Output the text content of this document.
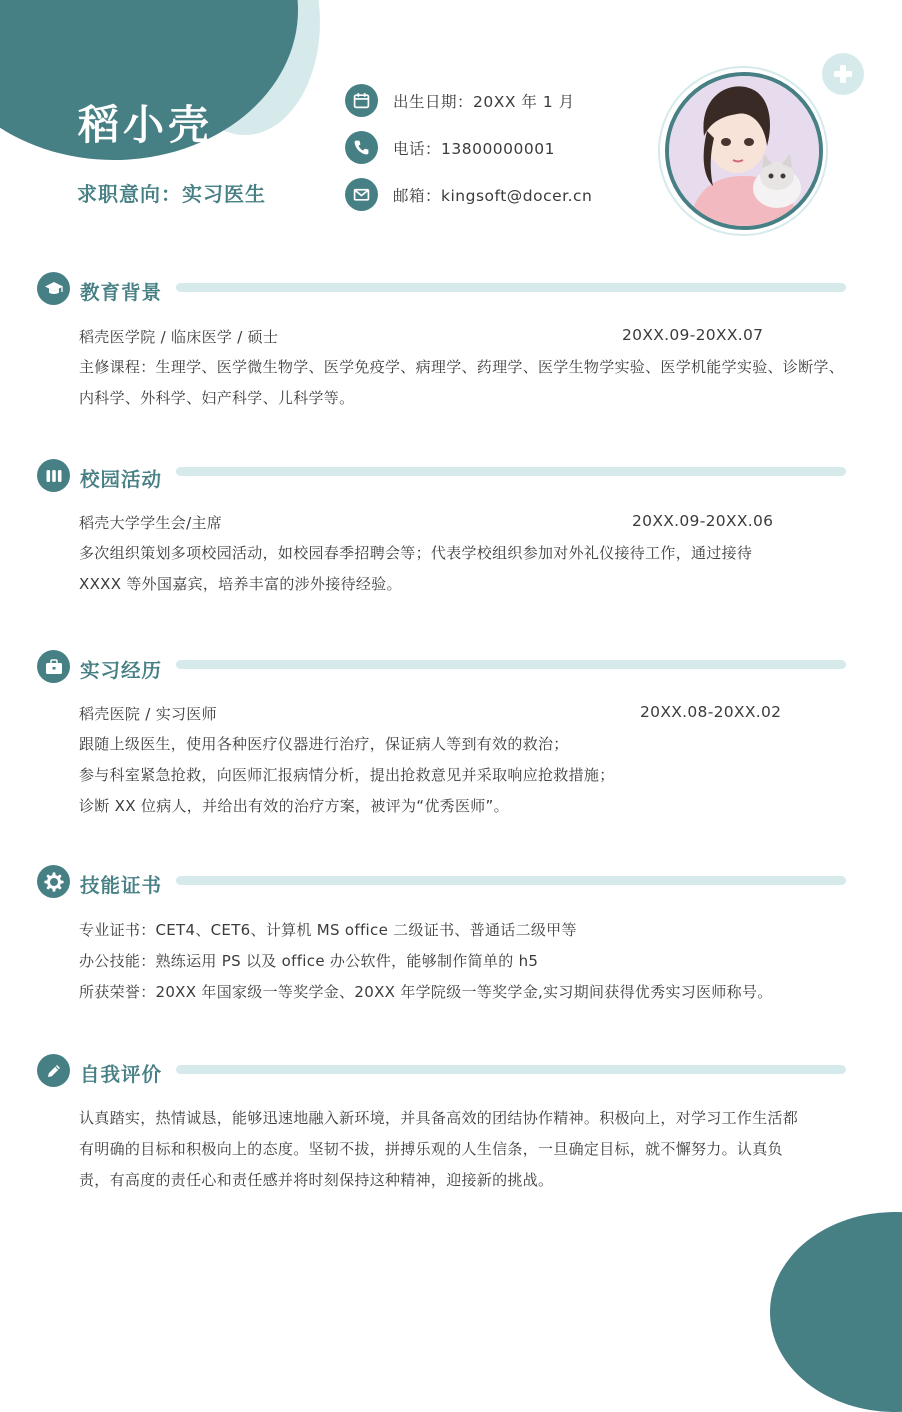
稻小壳
求职意向：实习医生
出生日期：20XX 年 1 月
电话：13800000001
邮箱：kingsoft@docer.cn
教育背景
稻壳医学院 / 临床医学 / 硕士	20XX.09-20XX.07
主修课程：生理学、医学微生物学、医学免疫学、病理学、药理学、医学生物学实验、医学机能学实验、诊断学、
内科学、外科学、妇产科学、儿科学等。
校园活动
稻壳大学学生会/主席	20XX.09-20XX.06
多次组织策划多项校园活动，如校园春季招聘会等；代表学校组织参加对外礼仪接待工作，通过接待
XXXX 等外国嘉宾，培养丰富的涉外接待经验。
实习经历
稻壳医院 / 实习医师	20XX.08-20XX.02
跟随上级医生，使用各种医疗仪器进行治疗，保证病人等到有效的救治；
参与科室紧急抢救，向医师汇报病情分析，提出抢救意见并采取响应抢救措施；
诊断 XX 位病人，并给出有效的治疗方案，被评为“优秀医师”。
技能证书
专业证书：CET4、CET6、计算机 MS office 二级证书、普通话二级甲等
办公技能：熟练运用 PS 以及 office 办公软件，能够制作简单的 h5
所获荣誉：20XX 年国家级一等奖学金、20XX 年学院级一等奖学金,实习期间获得优秀实习医师称号。
自我评价
认真踏实，热情诚恳，能够迅速地融入新环境，并具备高效的团结协作精神。积极向上，对学习工作生活都
有明确的目标和积极向上的态度。坚韧不拔，拼搏乐观的人生信条，一旦确定目标，就不懈努力。认真负
责，有高度的责任心和责任感并将时刻保持这种精神，迎接新的挑战。
